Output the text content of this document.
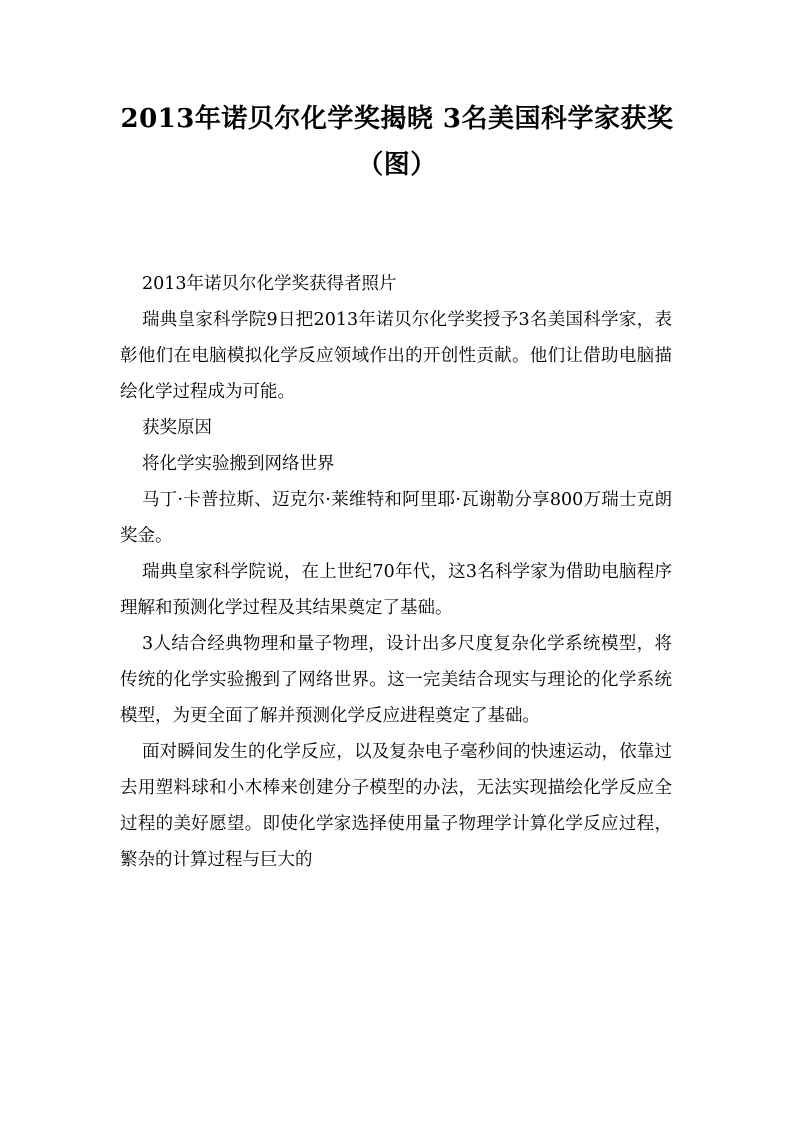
2013年诺贝尔化学奖揭晓 3名美国科学家获奖（图）

2013年诺贝尔化学奖获得者照片

瑞典皇家科学院9日把2013年诺贝尔化学奖授予3名美国科学家，表彰他们在电脑模拟化学反应领域作出的开创性贡献。他们让借助电脑描绘化学过程成为可能。

获奖原因

将化学实验搬到网络世界

马丁·卡普拉斯、迈克尔·莱维特和阿里耶·瓦谢勒分享800万瑞士克朗奖金。

瑞典皇家科学院说，在上世纪70年代，这3名科学家为借助电脑程序理解和预测化学过程及其结果奠定了基础。

3人结合经典物理和量子物理，设计出多尺度复杂化学系统模型，将传统的化学实验搬到了网络世界。这一完美结合现实与理论的化学系统模型，为更全面了解并预测化学反应进程奠定了基础。

面对瞬间发生的化学反应，以及复杂电子毫秒间的快速运动，依靠过去用塑料球和小木棒来创建分子模型的办法，无法实现描绘化学反应全过程的美好愿望。即使化学家选择使用量子物理学计算化学反应过程，繁杂的计算过程与巨大的
